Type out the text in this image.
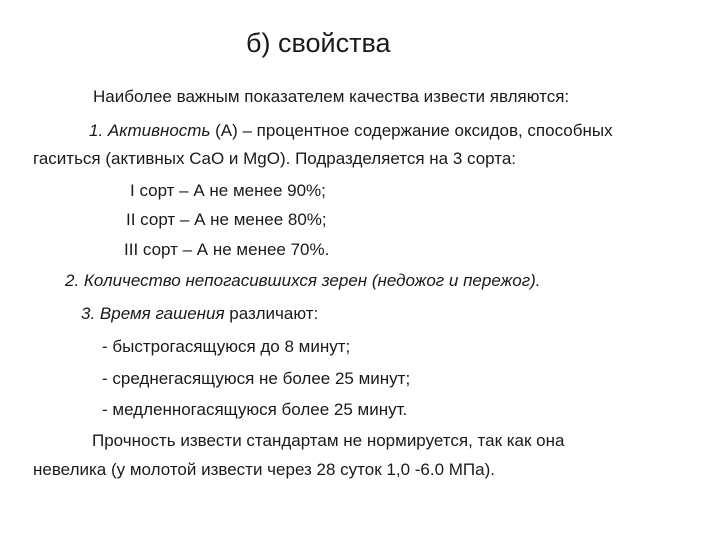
б) свойства
Наиболее важным показателем качества извести являются:
1. Активность (А) – процентное содержание оксидов, способных
гаситься (активных CaO и MgO). Подразделяется на 3 сорта:
I сорт – А не менее 90%;
II сорт – А не менее 80%;
III сорт – А не менее 70%.
2. Количество непогасившихся зерен (недожог и пережог).
3. Время гашения различают:
- быстрогасящуюся до 8 минут;
- среднегасящуюся не более 25 минут;
- медленногасящуюся более 25 минут.
Прочность извести стандартам не нормируется, так как она
невелика (у молотой извести через 28 суток 1,0 -6.0 МПа).
